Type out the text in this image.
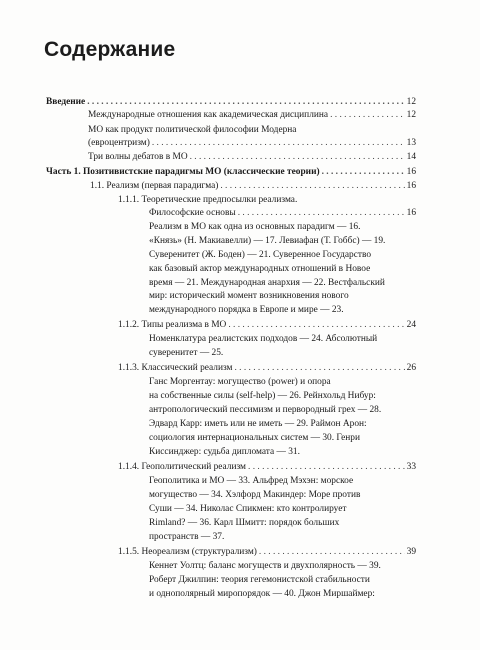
Содержание
Введение . . .	12
Международные отношения как академическая дисциплина . . .	12
МО как продукт политической философии Модерна
(евроцентризм) . . .	13
Три волны дебатов в МО . . .	14
Часть 1. Позитивистские парадигмы МО (классические теории) . . .	16
1.1. Реализм (первая парадигма) . . .	16
1.1.1. Теоретические предпосылки реализма.
Философские основы . . .	16
Реализм в МО как одна из основных парадигм — 16.
«Князь» (Н. Макиавелли) — 17. Левиафан (Т. Гоббс) — 19.
Суверенитет (Ж. Боден) — 21. Суверенное Государство
как базовый актор международных отношений в Новое
время — 21. Международная анархия — 22. Вестфальский
мир: исторический момент возникновения нового
международного порядка в Европе и мире — 23.
1.1.2. Типы реализма в МО . . .	24
Номенклатура реалистских подходов — 24. Абсолютный
суверенитет — 25.
1.1.3. Классический реализм . . .	26
Ганс Моргентау: могущество (power) и опора
на собственные силы (self-help) — 26. Рейнхольд Нибур:
антропологический пессимизм и первородный грех — 28.
Эдвард Карр: иметь или не иметь — 29. Раймон Арон:
социология интернациональных систем — 30. Генри
Киссинджер: судьба дипломата — 31.
1.1.4. Геополитический реализм . . .	33
Геополитика и МО — 33. Альфред Мэхэн: морское
могущество — 34. Хэлфорд Макиндер: Море против
Суши — 34. Николас Спикмен: кто контролирует
Rimland? — 36. Карл Шмитт: порядок больших
пространств — 37.
1.1.5. Неореализм (структурализм) . . .	39
Кеннет Уолтц: баланс могуществ и двухполярность — 39.
Роберт Джилпин: теория гегемонистской стабильности
и однополярный миропорядок — 40. Джон Миршаймер:
